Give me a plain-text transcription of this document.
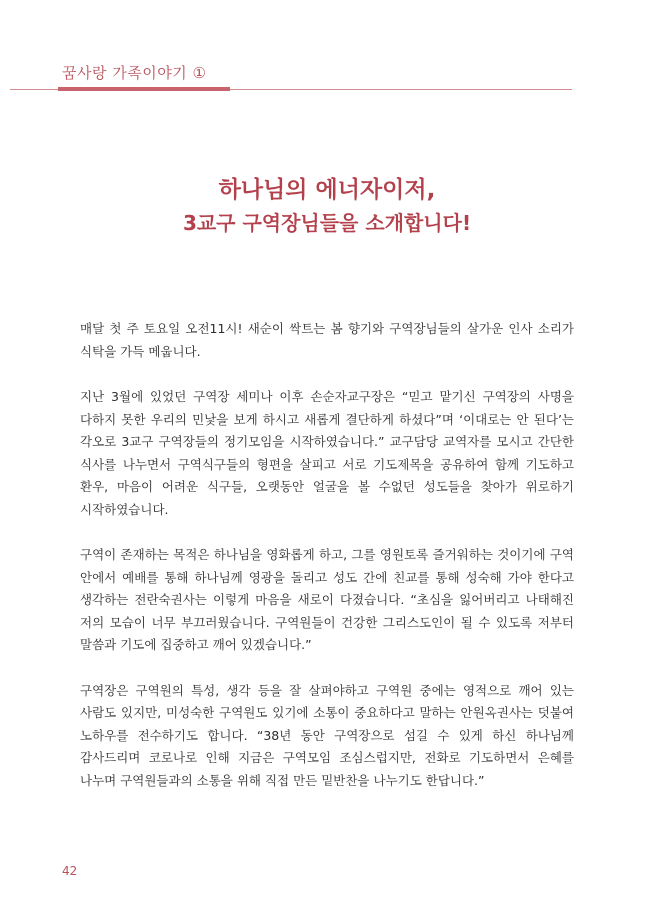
꿈사랑 가족이야기 ①
하나님의 에너자이저,
3교구 구역장님들을 소개합니다!

매달 첫 주 토요일 오전11시! 새순이 싹트는 봄 향기와 구역장님들의 살가운 인사 소리가 식탁을 가득 메웁니다.

지난 3월에 있었던 구역장 세미나 이후 손순자교구장은 “믿고 맡기신 구역장의 사명을 다하지 못한 우리의 민낯을 보게 하시고 새롭게 결단하게 하셨다”며 ‘이대로는 안 된다’는 각오로 3교구 구역장들의 정기모임을 시작하였습니다.” 교구담당 교역자를 모시고 간단한 식사를 나누면서 구역식구들의 형편을 살피고 서로 기도제목을 공유하여 함께 기도하고 환우, 마음이 어려운 식구들, 오랫동안 얼굴을 볼 수없던 성도들을 찾아가 위로하기 시작하였습니다.

구역이 존재하는 목적은 하나님을 영화롭게 하고, 그를 영원토록 즐거워하는 것이기에 구역 안에서 예배를 통해 하나님께 영광을 돌리고 성도 간에 친교를 통해 성숙해 가야 한다고 생각하는 전란숙권사는 이렇게 마음을 새로이 다졌습니다. “초심을 잃어버리고 나태해진 저의 모습이 너무 부끄러웠습니다. 구역원들이 건강한 그리스도인이 될 수 있도록 저부터 말씀과 기도에 집중하고 깨어 있겠습니다.”

구역장은 구역원의 특성, 생각 등을 잘 살펴야하고 구역원 중에는 영적으로 깨어 있는 사람도 있지만, 미성숙한 구역원도 있기에 소통이 중요하다고 말하는 안원옥권사는 덧붙여 노하우를 전수하기도 합니다. “38년 동안 구역장으로 섬길 수 있게 하신 하나님께 감사드리며 코로나로 인해 지금은 구역모임 조심스럽지만, 전화로 기도하면서 은혜를 나누며 구역원들과의 소통을 위해 직접 만든 밑반찬을 나누기도 한답니다.”

42
